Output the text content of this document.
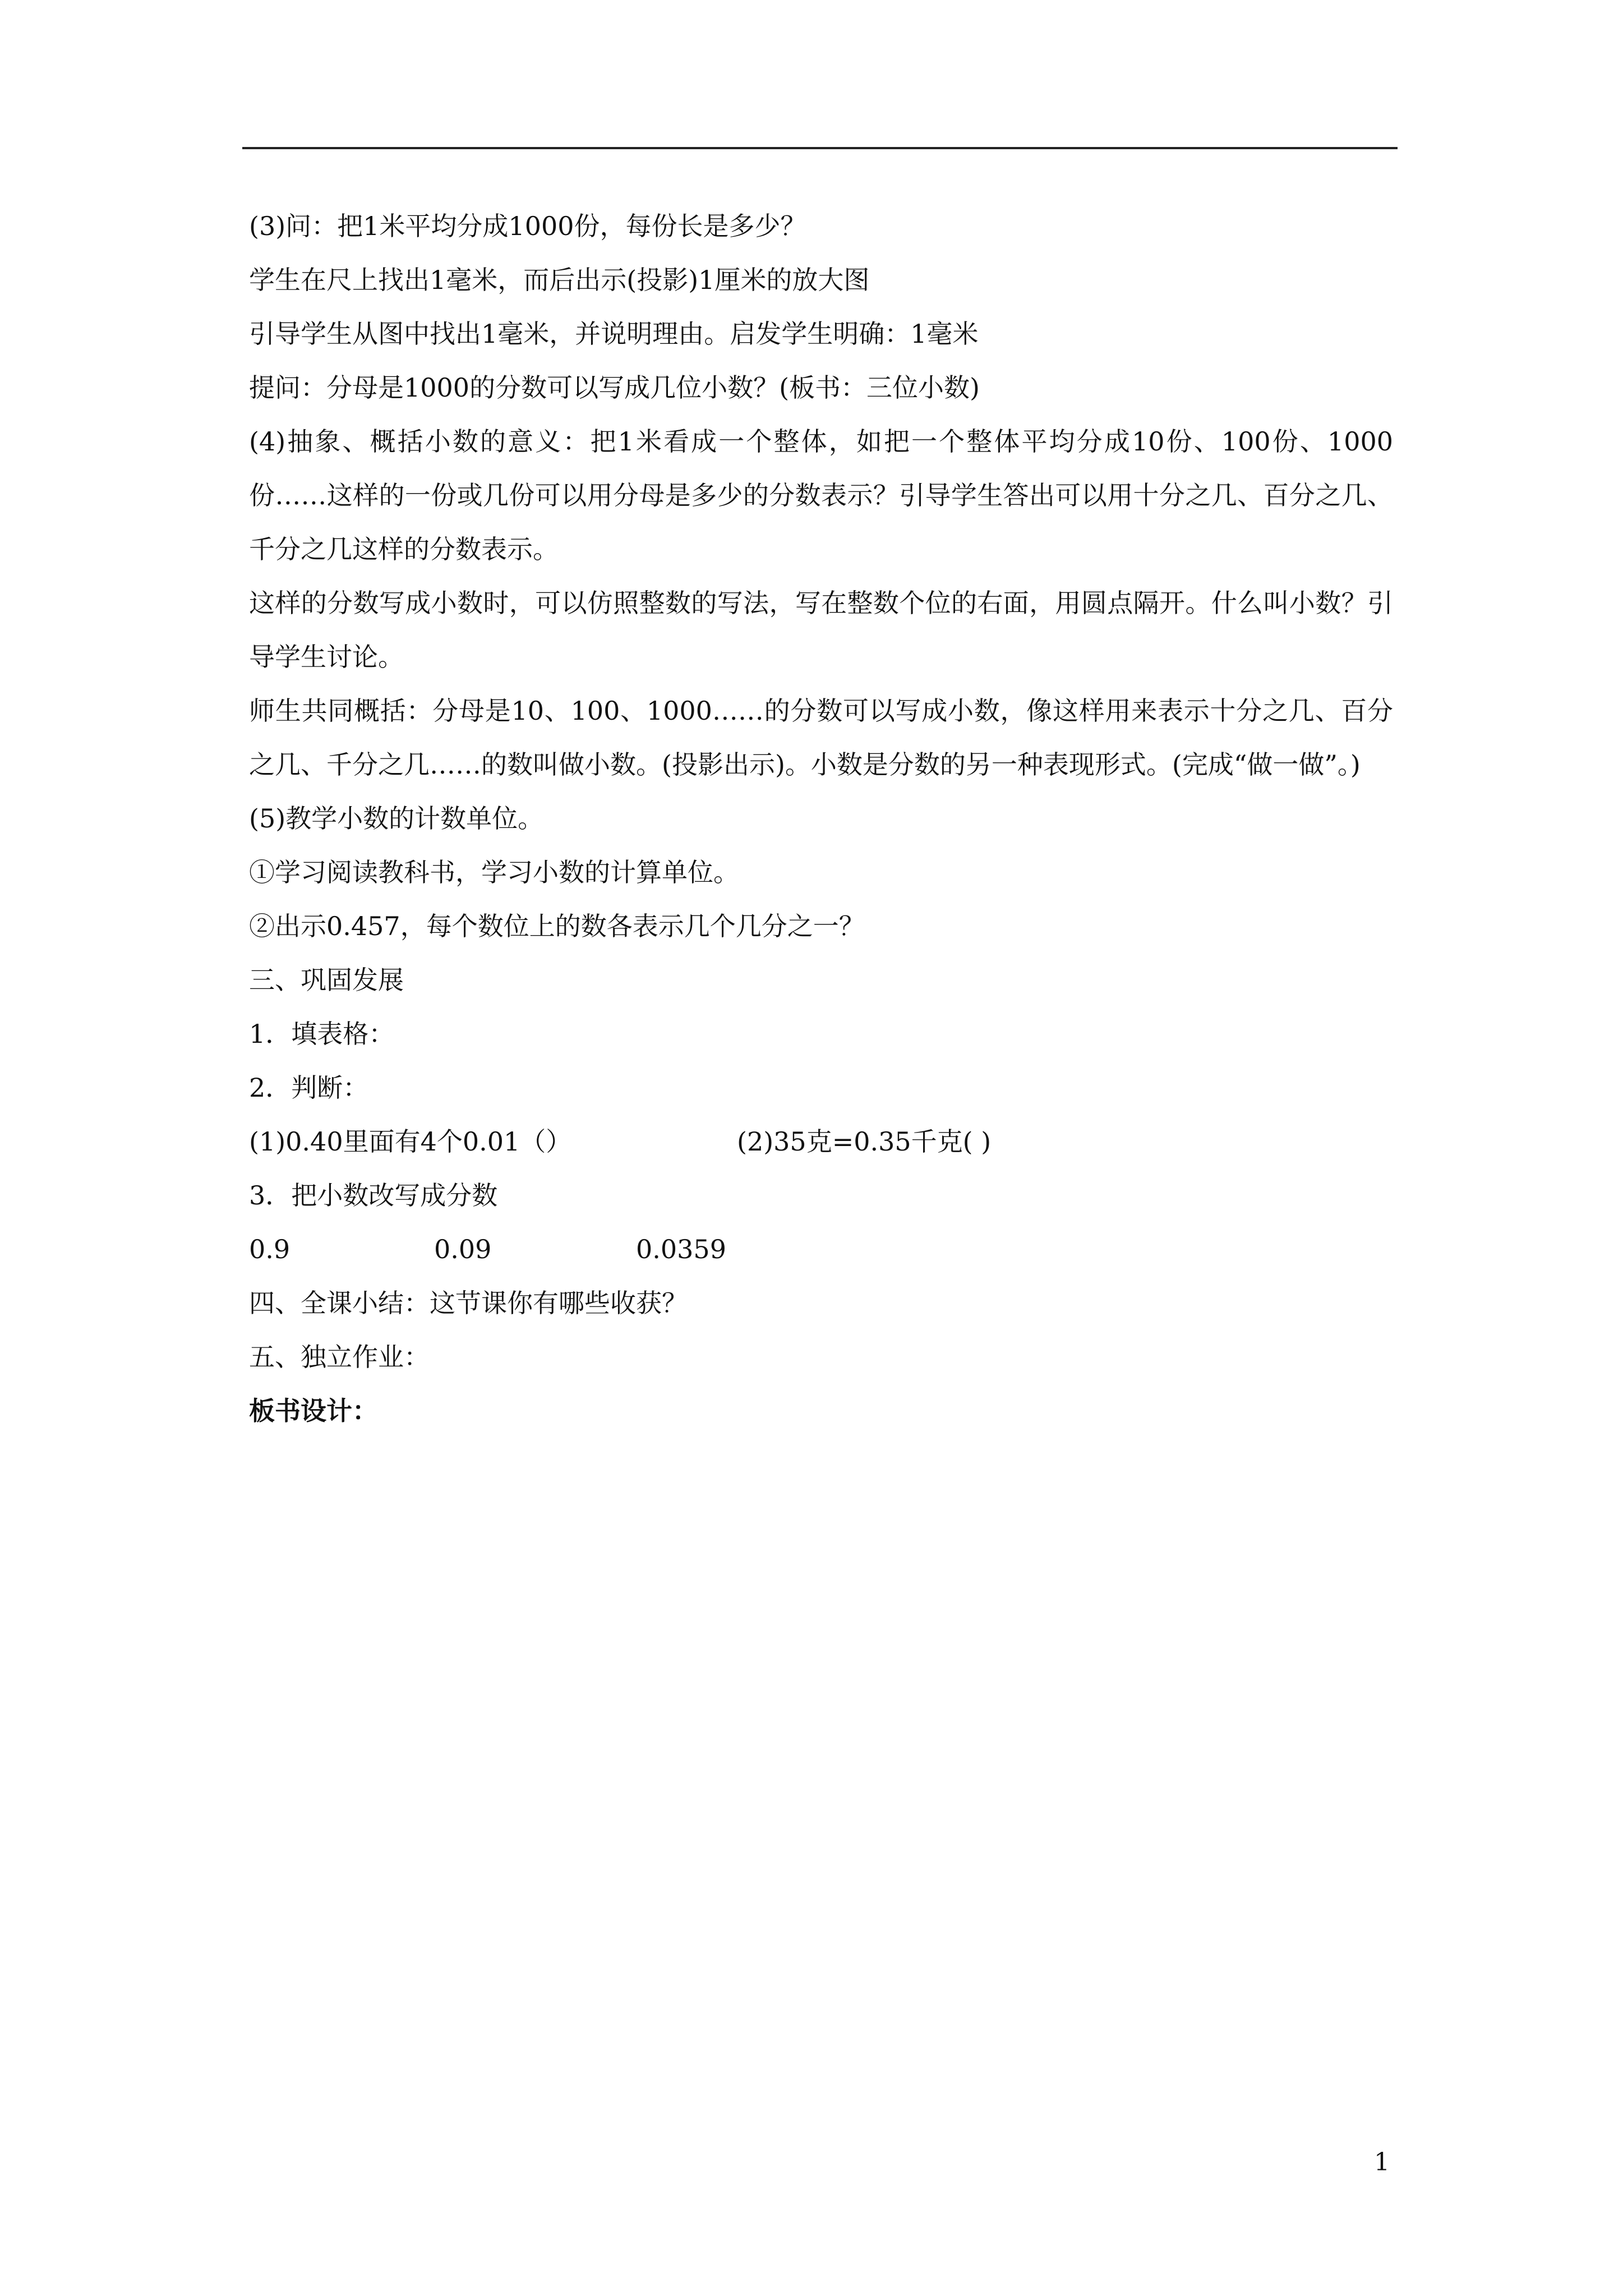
(3)问：把1米平均分成1000份，每份长是多少？
学生在尺上找出1毫米，而后出示(投影)1厘米的放大图
引导学生从图中找出1毫米，并说明理由。启发学生明确：1毫米
提问：分母是1000的分数可以写成几位小数？(板书：三位小数)
(4)抽象、概括小数的意义：把1米看成一个整体，如把一个整体平均分成10份、100份、1000份……这样的一份或几份可以用分母是多少的分数表示？引导学生答出可以用十分之几、百分之几、千分之几这样的分数表示。
这样的分数写成小数时，可以仿照整数的写法，写在整数个位的右面，用圆点隔开。什么叫小数？引导学生讨论。
师生共同概括：分母是10、100、1000……的分数可以写成小数，像这样用来表示十分之几、百分之几、千分之几……的数叫做小数。(投影出示)。小数是分数的另一种表现形式。(完成“做一做”。)
(5)教学小数的计数单位。
①学习阅读教科书，学习小数的计算单位。
②出示0.457，每个数位上的数各表示几个几分之一？
三、巩固发展
1．填表格：
2．判断：
(1)0.40里面有4个0.01（）	(2)35克=0.35千克( )
3．把小数改写成分数
0.9	0.09	0.0359
四、全课小结：这节课你有哪些收获？
五、独立作业：
板书设计：
1
